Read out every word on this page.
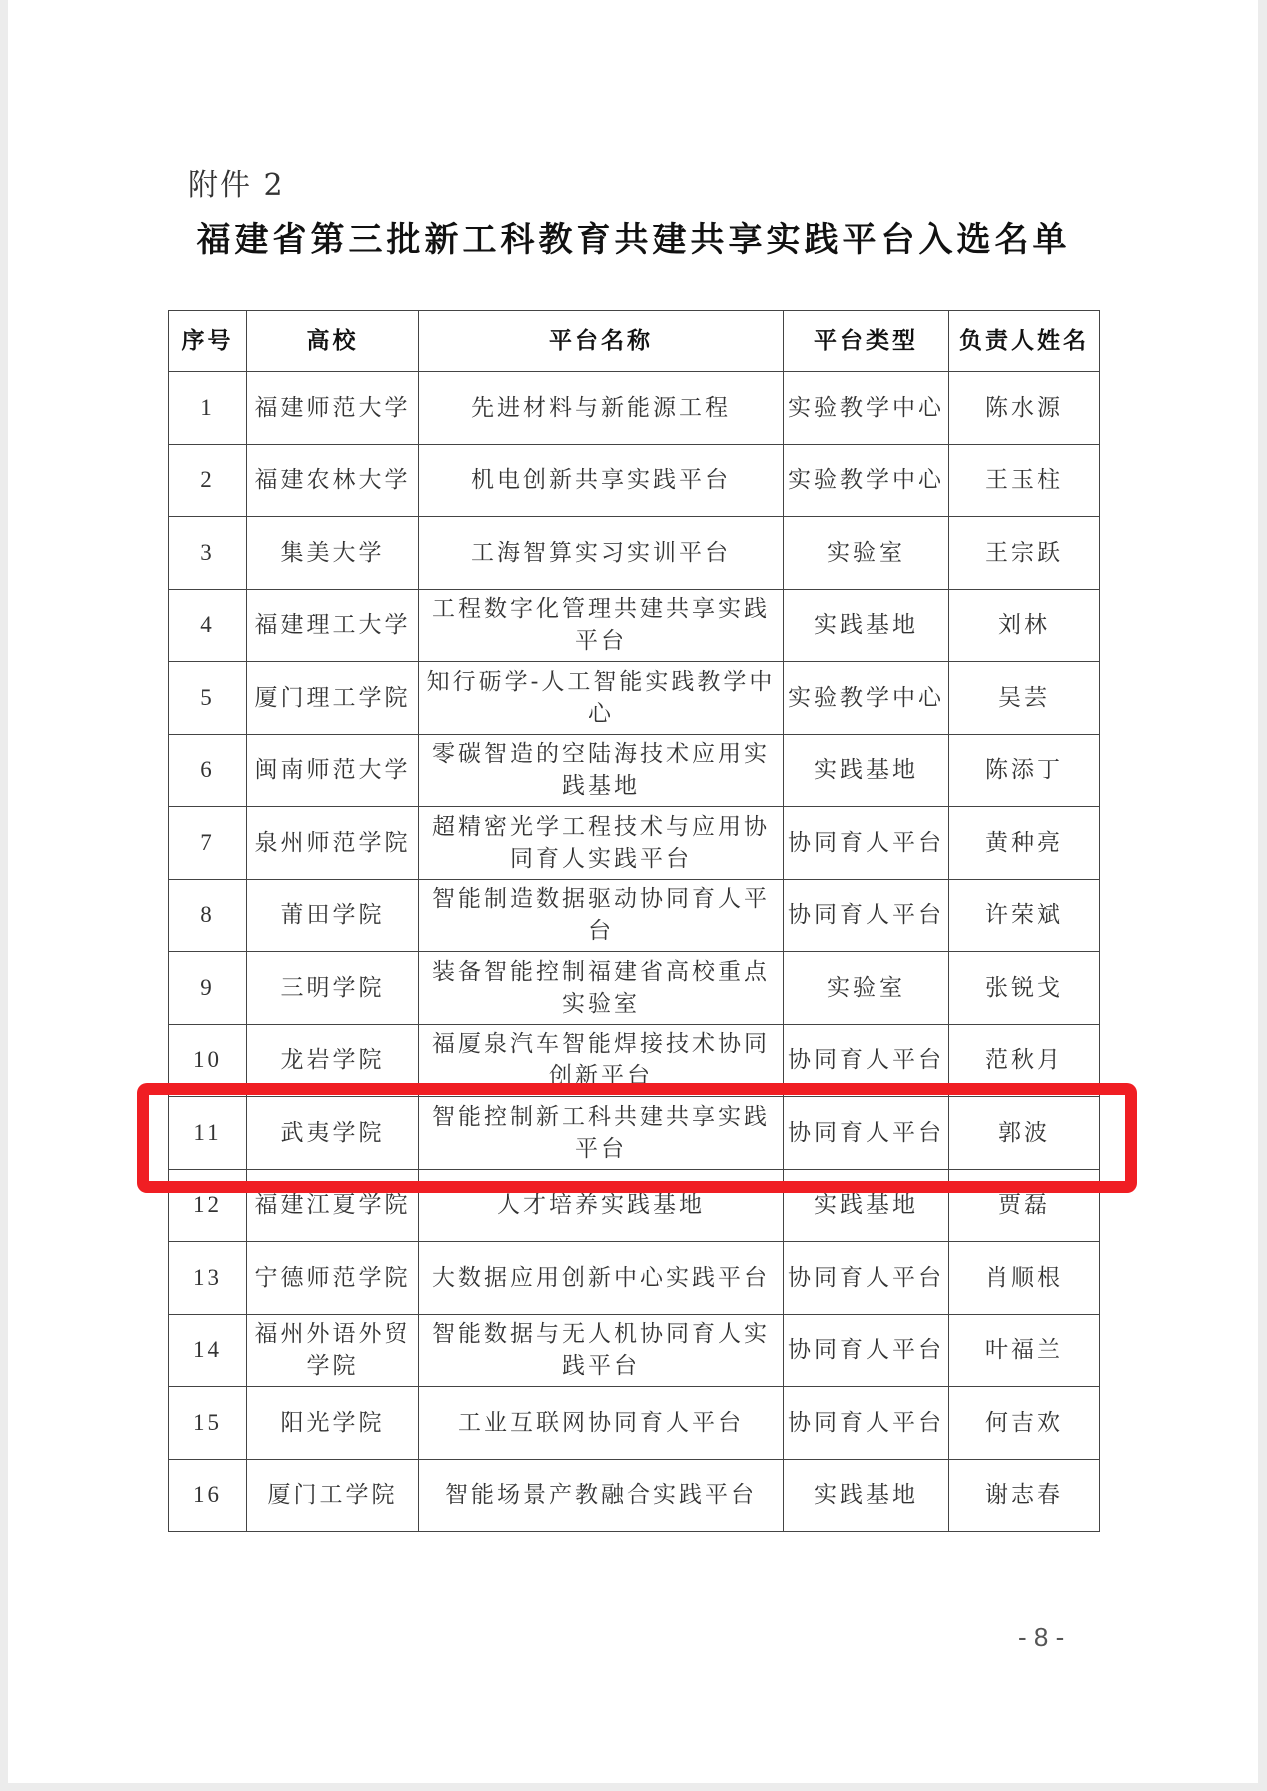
附件 2
福建省第三批新工科教育共建共享实践平台入选名单
序号	高校	平台名称	平台类型	负责人姓名
1	福建师范大学	先进材料与新能源工程	实验教学中心	陈水源
2	福建农林大学	机电创新共享实践平台	实验教学中心	王玉柱
3	集美大学	工海智算实习实训平台	实验室	王宗跃
4	福建理工大学	工程数字化管理共建共享实践平台	实践基地	刘林
5	厦门理工学院	知行砺学-人工智能实践教学中心	实验教学中心	吴芸
6	闽南师范大学	零碳智造的空陆海技术应用实践基地	实践基地	陈添丁
7	泉州师范学院	超精密光学工程技术与应用协同育人实践平台	协同育人平台	黄种亮
8	莆田学院	智能制造数据驱动协同育人平台	协同育人平台	许荣斌
9	三明学院	装备智能控制福建省高校重点实验室	实验室	张锐戈
10	龙岩学院	福厦泉汽车智能焊接技术协同创新平台	协同育人平台	范秋月
11	武夷学院	智能控制新工科共建共享实践平台	协同育人平台	郭波
12	福建江夏学院	人才培养实践基地	实践基地	贾磊
13	宁德师范学院	大数据应用创新中心实践平台	协同育人平台	肖顺根
14	福州外语外贸学院	智能数据与无人机协同育人实践平台	协同育人平台	叶福兰
15	阳光学院	工业互联网协同育人平台	协同育人平台	何吉欢
16	厦门工学院	智能场景产教融合实践平台	实践基地	谢志春
- 8 -
